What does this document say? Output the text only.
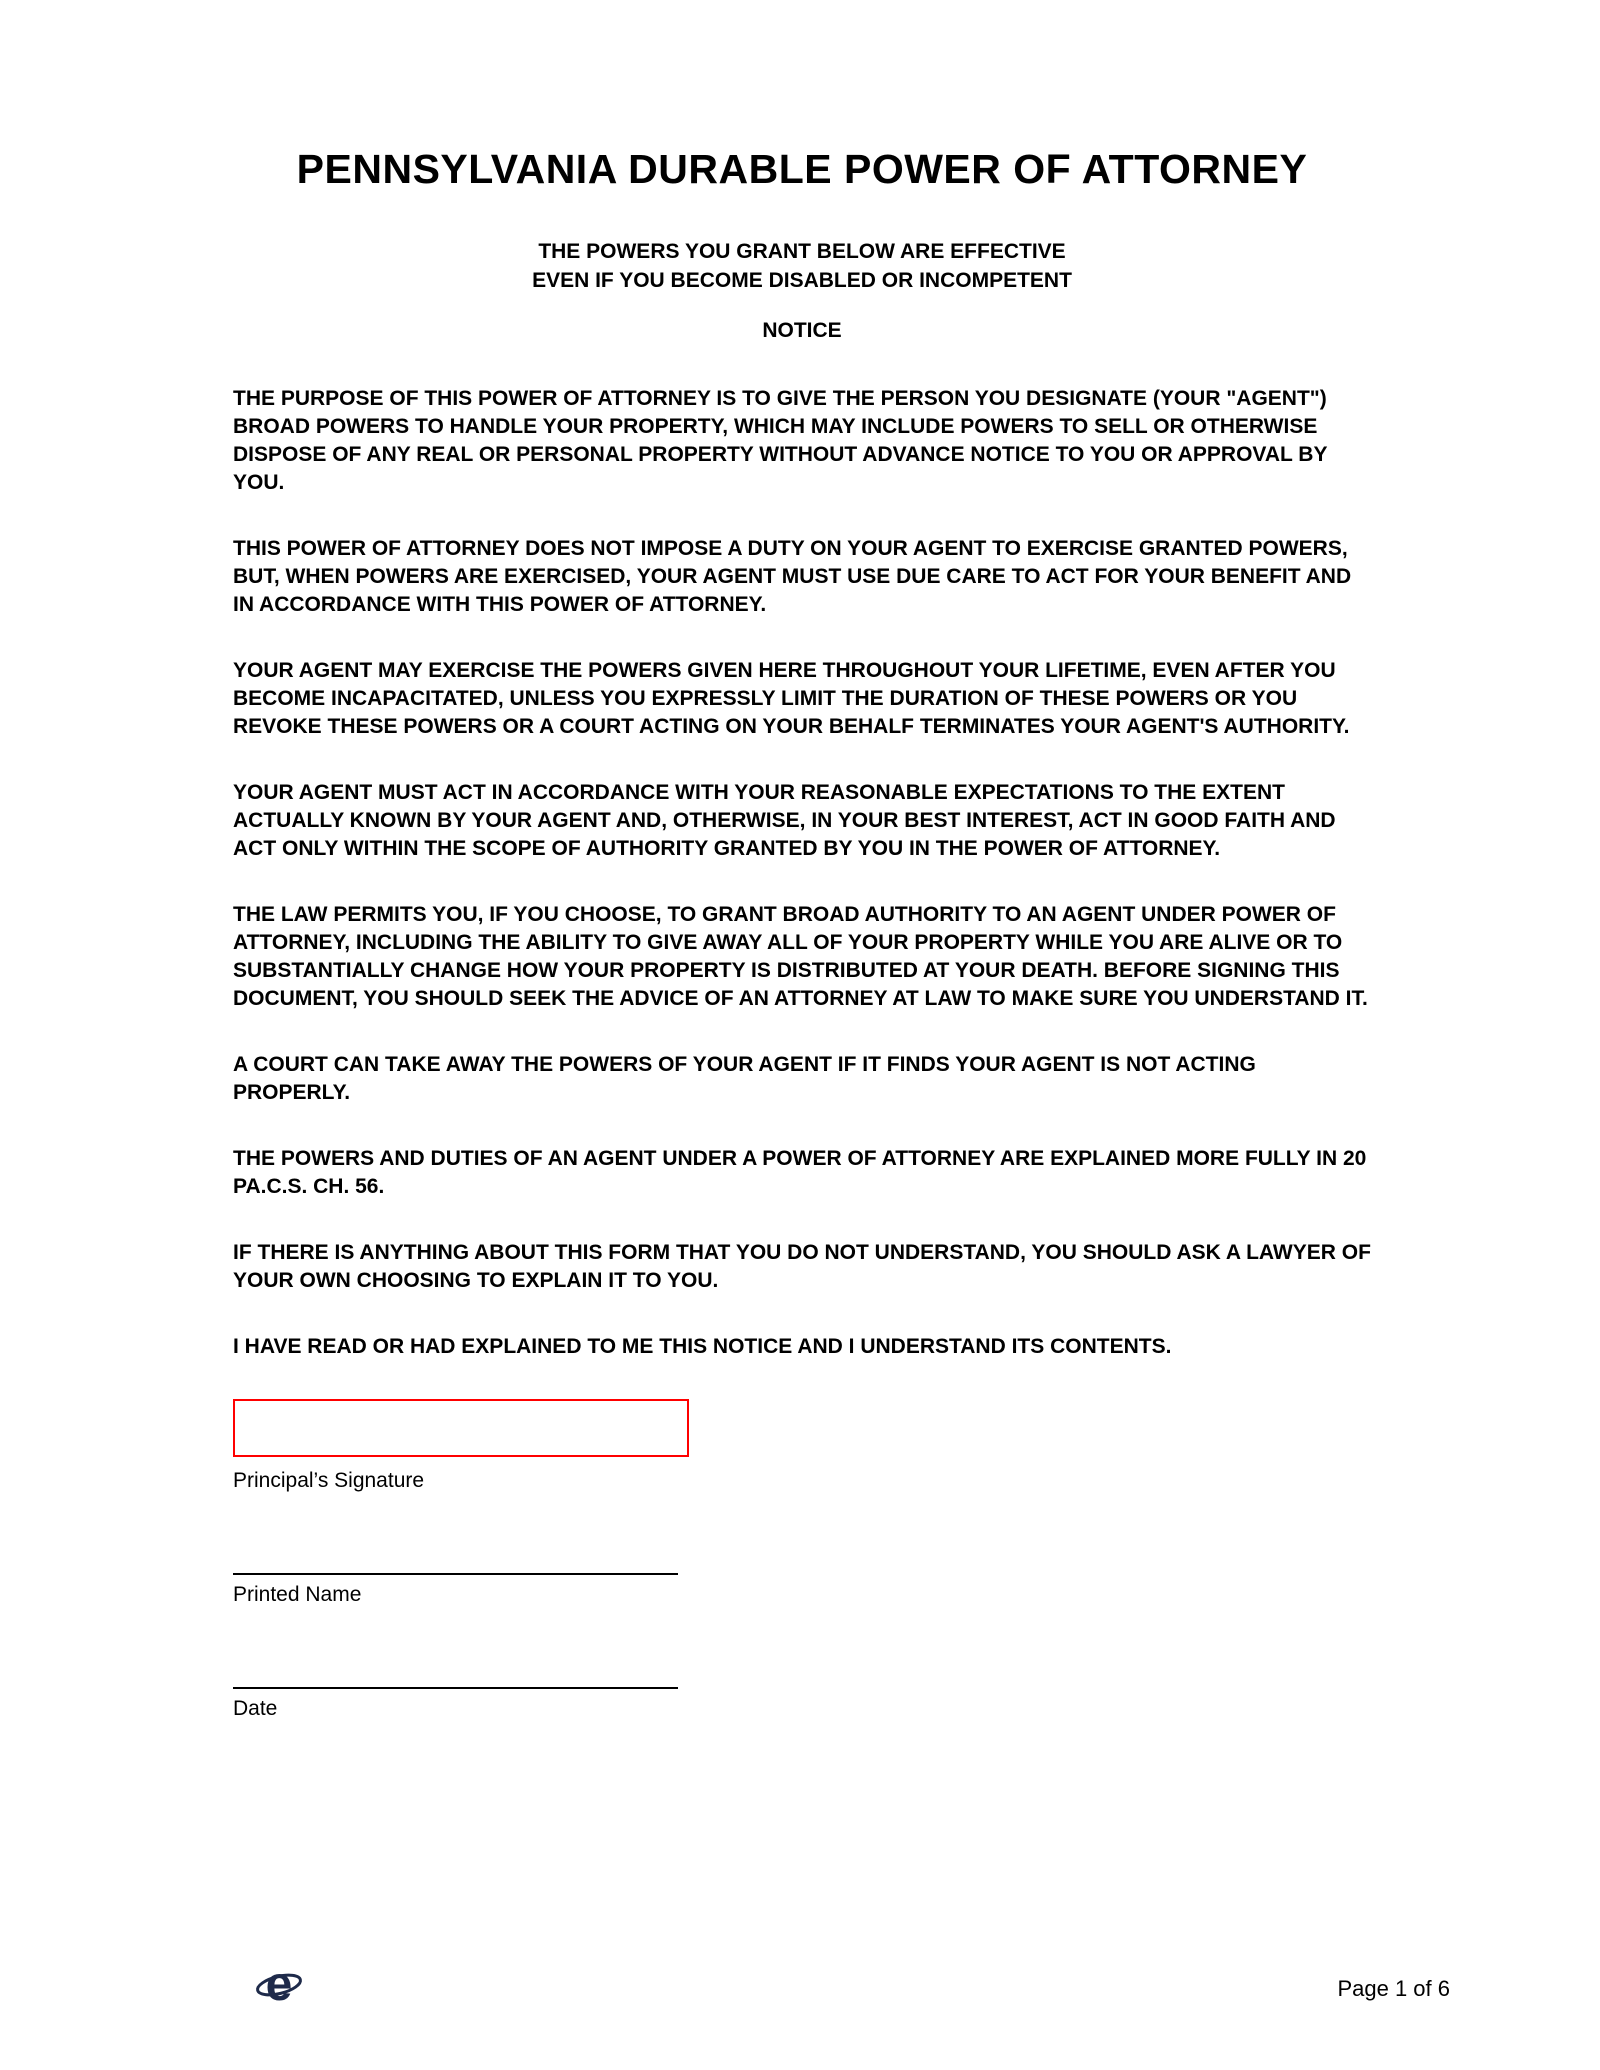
PENNSYLVANIA DURABLE POWER OF ATTORNEY
THE POWERS YOU GRANT BELOW ARE EFFECTIVE
EVEN IF YOU BECOME DISABLED OR INCOMPETENT
NOTICE

THE PURPOSE OF THIS POWER OF ATTORNEY IS TO GIVE THE PERSON YOU DESIGNATE (YOUR "AGENT") BROAD POWERS TO HANDLE YOUR PROPERTY, WHICH MAY INCLUDE POWERS TO SELL OR OTHERWISE DISPOSE OF ANY REAL OR PERSONAL PROPERTY WITHOUT ADVANCE NOTICE TO YOU OR APPROVAL BY YOU.

THIS POWER OF ATTORNEY DOES NOT IMPOSE A DUTY ON YOUR AGENT TO EXERCISE GRANTED POWERS, BUT, WHEN POWERS ARE EXERCISED, YOUR AGENT MUST USE DUE CARE TO ACT FOR YOUR BENEFIT AND IN ACCORDANCE WITH THIS POWER OF ATTORNEY.

YOUR AGENT MAY EXERCISE THE POWERS GIVEN HERE THROUGHOUT YOUR LIFETIME, EVEN AFTER YOU BECOME INCAPACITATED, UNLESS YOU EXPRESSLY LIMIT THE DURATION OF THESE POWERS OR YOU REVOKE THESE POWERS OR A COURT ACTING ON YOUR BEHALF TERMINATES YOUR AGENT'S AUTHORITY.

YOUR AGENT MUST ACT IN ACCORDANCE WITH YOUR REASONABLE EXPECTATIONS TO THE EXTENT ACTUALLY KNOWN BY YOUR AGENT AND, OTHERWISE, IN YOUR BEST INTEREST, ACT IN GOOD FAITH AND ACT ONLY WITHIN THE SCOPE OF AUTHORITY GRANTED BY YOU IN THE POWER OF ATTORNEY.

THE LAW PERMITS YOU, IF YOU CHOOSE, TO GRANT BROAD AUTHORITY TO AN AGENT UNDER POWER OF ATTORNEY, INCLUDING THE ABILITY TO GIVE AWAY ALL OF YOUR PROPERTY WHILE YOU ARE ALIVE OR TO SUBSTANTIALLY CHANGE HOW YOUR PROPERTY IS DISTRIBUTED AT YOUR DEATH. BEFORE SIGNING THIS DOCUMENT, YOU SHOULD SEEK THE ADVICE OF AN ATTORNEY AT LAW TO MAKE SURE YOU UNDERSTAND IT.

A COURT CAN TAKE AWAY THE POWERS OF YOUR AGENT IF IT FINDS YOUR AGENT IS NOT ACTING PROPERLY.

THE POWERS AND DUTIES OF AN AGENT UNDER A POWER OF ATTORNEY ARE EXPLAINED MORE FULLY IN 20 PA.C.S. CH. 56.

IF THERE IS ANYTHING ABOUT THIS FORM THAT YOU DO NOT UNDERSTAND, YOU SHOULD ASK A LAWYER OF YOUR OWN CHOOSING TO EXPLAIN IT TO YOU.

I HAVE READ OR HAD EXPLAINED TO ME THIS NOTICE AND I UNDERSTAND ITS CONTENTS.

Principal’s Signature
Printed Name
Date
e	Page 1 of 6
